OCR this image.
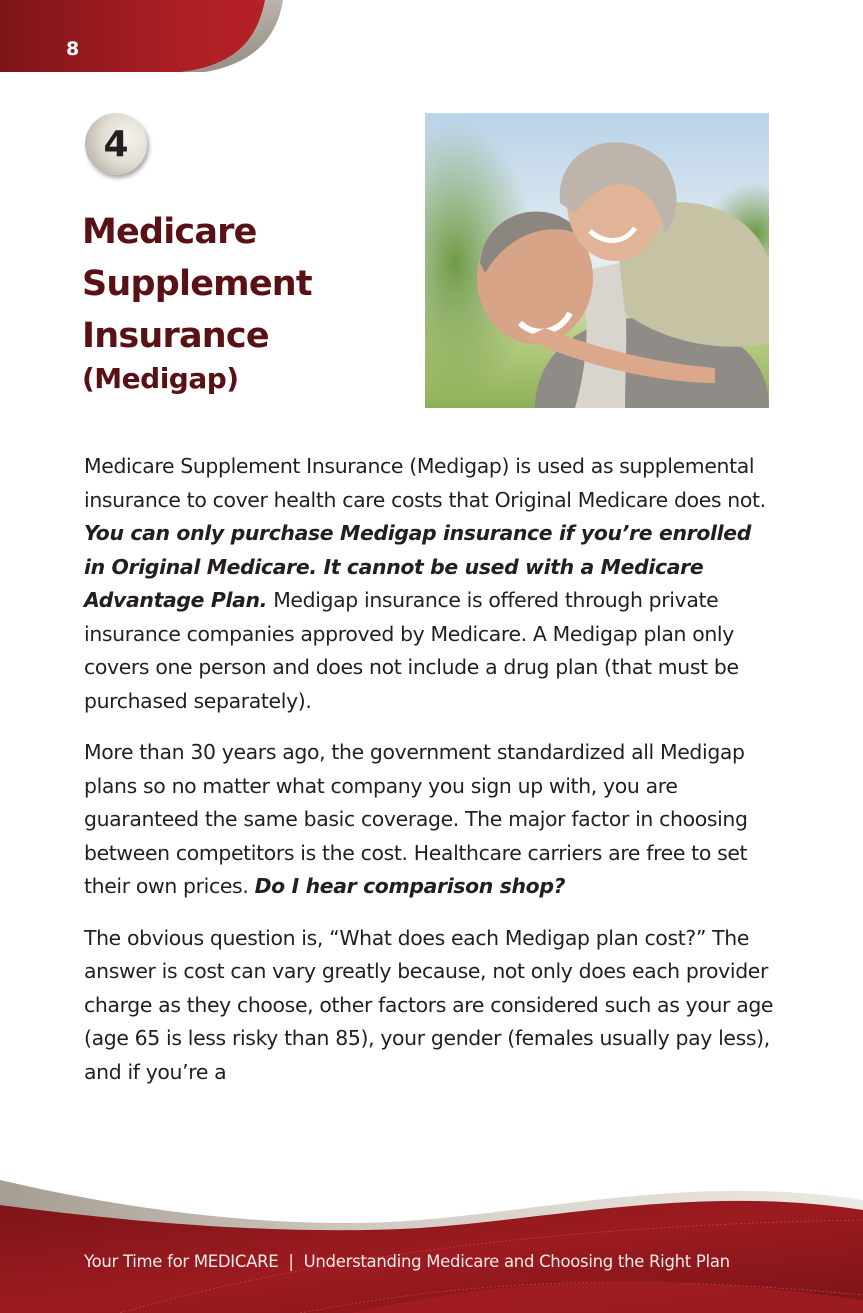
8
4
Medicare
Supplement
Insurance
(Medigap)

Medicare Supplement Insurance (Medigap) is used as supplemental insurance to cover health care costs that Original Medicare does not. You can only purchase Medigap insurance if you’re enrolled in Original Medicare. It cannot be used with a Medicare Advantage Plan. Medigap insurance is offered through private insurance companies approved by Medicare. A Medigap plan only covers one person and does not include a drug plan (that must be purchased separately).

More than 30 years ago, the government standardized all Medigap plans so no matter what company you sign up with, you are guaranteed the same basic coverage. The major factor in choosing between competitors is the cost. Healthcare carriers are free to set their own prices. Do I hear comparison shop?

The obvious question is, “What does each Medigap plan cost?” The answer is cost can vary greatly because, not only does each provider charge as they choose, other factors are considered such as your age (age 65 is less risky than 85), your gender (females usually pay less), and if you’re a

Your Time for MEDICARE | Understanding Medicare and Choosing the Right Plan
